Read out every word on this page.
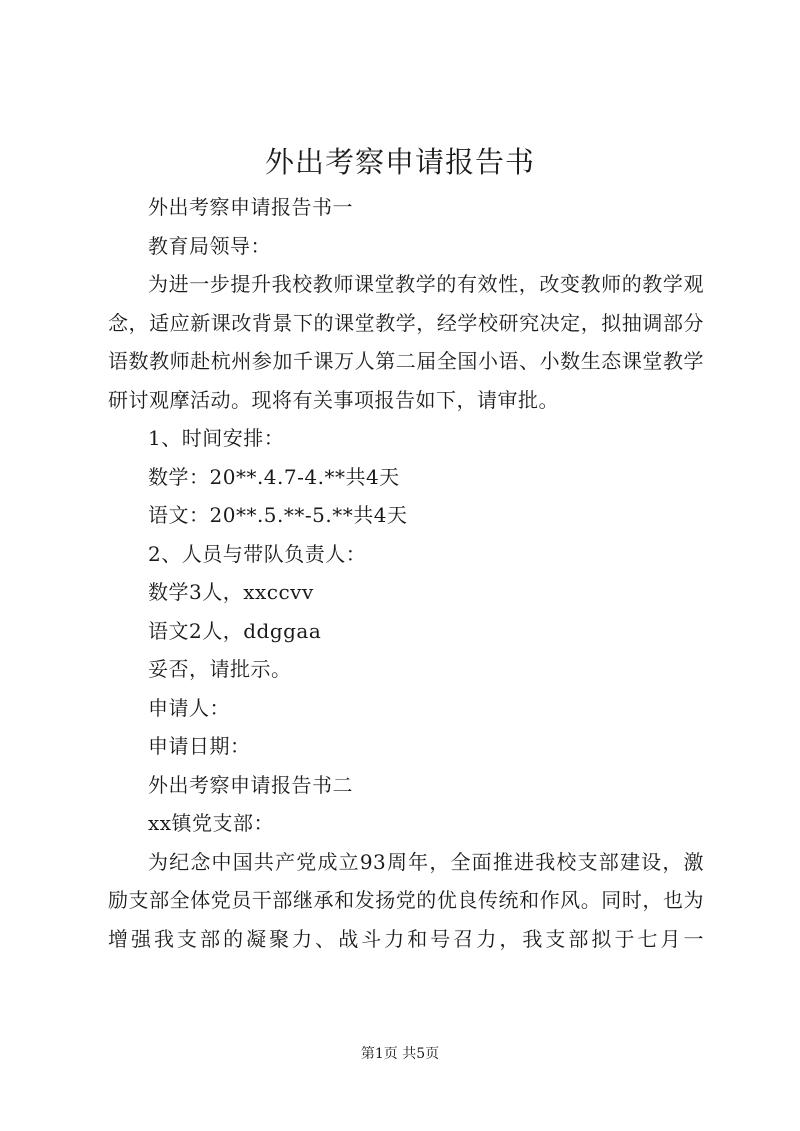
外出考察申请报告书

外出考察申请报告书一

教育局领导：

为进一步提升我校教师课堂教学的有效性，改变教师的教学观念，适应新课改背景下的课堂教学，经学校研究决定，拟抽调部分语数教师赴杭州参加千课万人第二届全国小语、小数生态课堂教学研讨观摩活动。现将有关事项报告如下，请审批。

1、时间安排：

数学：20**.4.7-4.**共4天

语文：20**.5.**-5.**共4天

2、人员与带队负责人：

数学3人，xxccvv

语文2人，ddggaa

妥否，请批示。

申请人：

申请日期：

外出考察申请报告书二

xx镇党支部：

为纪念中国共产党成立93周年，全面推进我校支部建设，激励支部全体党员干部继承和发扬党的优良传统和作风。同时，也为增强我支部的凝聚力、战斗力和号召力，我支部拟于七月一

第1页 共5页
